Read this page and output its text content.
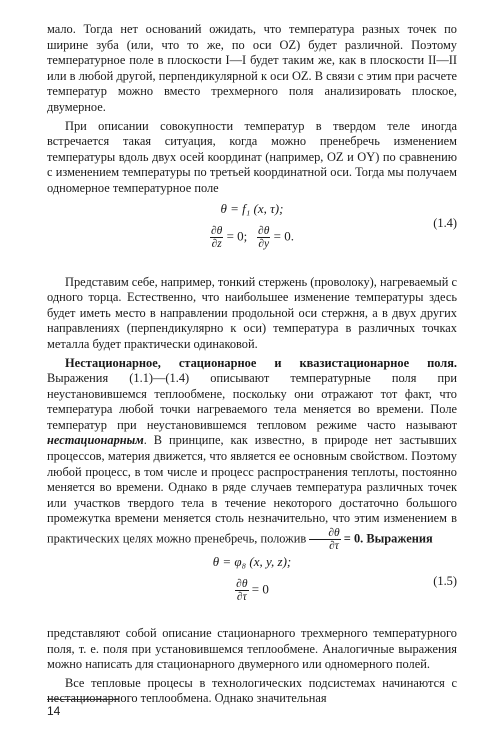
мало. Тогда нет оснований ожидать, что температура разных точек по ширине зуба (или, что то же, по оси OZ) будет различной. Поэтому температурное поле в плоскости I—I будет таким же, как в плоскости II—II или в любой другой, перпендикулярной к оси OZ. В связи с этим при расчете температур можно вместо трехмерного поля анализировать плоское, двумерное.

При описании совокупности температур в твердом теле иногда встречается такая ситуация, когда можно пренебречь изменением температуры вдоль двух осей координат (например, OZ и OY) по сравнению с изменением температуры по третьей координатной оси. Тогда мы получаем одномерное температурное поле

θ = f₁ (x, τ);
$\frac{\partial\theta}{\partial z} = 0$; $\frac{\partial\theta}{\partial y} = 0$.
(1.4)

Представим себе, например, тонкий стержень (проволоку), нагреваемый с одного торца. Естественно, что наибольшее изменение температуры здесь будет иметь место в направлении продольной оси стержня, а в двух других направлениях (перпендикулярно к оси) температура в различных точках металла будет практически одинаковой.

Нестационарное, стационарное и квазистационарное поля. Выражения (1.1)—(1.4) описывают температурные поля при неустановившемся теплообмене, поскольку они отражают тот факт, что температура любой точки нагреваемого тела меняется во времени. Поле температур при неустановившемся тепловом режиме часто называют нестационарным. В принципе, как известно, в природе нет застывших процессов, материя движется, что является ее основным свойством. Поэтому любой процесс, в том числе и процесс распространения теплоты, постоянно меняется во времени. Однако в ряде случаев температура различных точек или участков твердого тела в течение некоторого достаточно большого промежутка времени меняется столь незначительно, что этим изменением в практических целях можно пренебречь, положив $\frac{\partial\theta}{\partial\tau} = 0$. Выражения

θ = φ₈ (x, y, z);
$\frac{\partial\theta}{\partial\tau} = 0$
(1.5)

представляют собой описание стационарного трехмерного температурного поля, т. е. поля при установившемся теплообмене. Аналогичные выражения можно написать для стационарного двумерного или одномерного полей.

Все тепловые процесы в технологических подсистемах начинаются с нестационарного теплообмена. Однако значительная

14
